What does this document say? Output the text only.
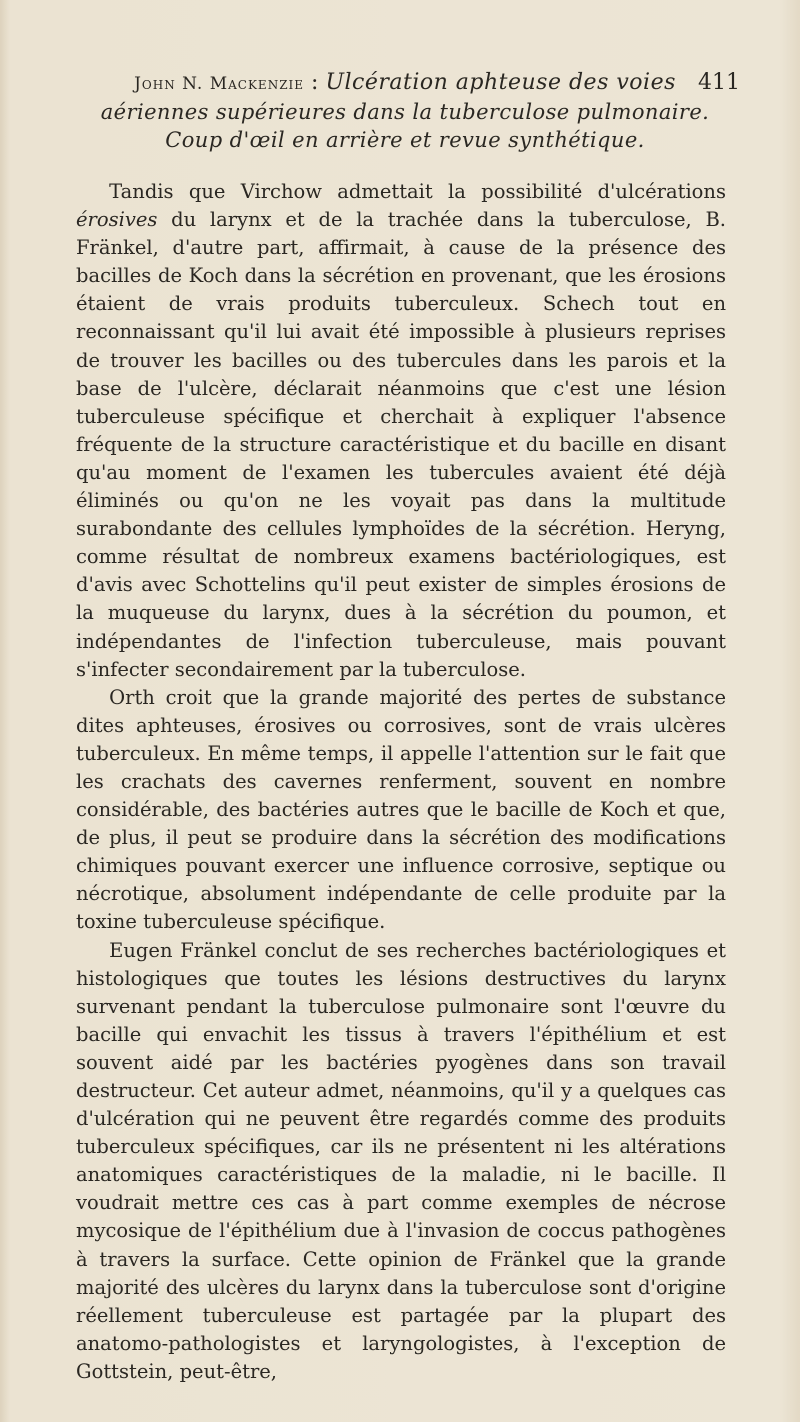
John N. Mackenzie : Ulcération aphteuse des voies 411
aériennes supérieures dans la tuberculose pulmonaire.
Coup d'œil en arrière et revue synthétique.

Tandis que Virchow admettait la possibilité d'ulcérations érosives du larynx et de la trachée dans la tuberculose, B. Fränkel, d'autre part, affirmait, à cause de la présence des bacilles de Koch dans la sécrétion en provenant, que les érosions étaient de vrais produits tuberculeux. Schech tout en reconnaissant qu'il lui avait été impossible à plusieurs reprises de trouver les bacilles ou des tubercules dans les parois et la base de l'ulcère, déclarait néanmoins que c'est une lésion tuberculeuse spécifique et cherchait à expliquer l'absence fréquente de la structure caractéristique et du bacille en disant qu'au moment de l'examen les tubercules avaient été déjà éliminés ou qu'on ne les voyait pas dans la multitude surabondante des cellules lymphoïdes de la sécrétion. Heryng, comme résultat de nombreux examens bactériologiques, est d'avis avec Schottelins qu'il peut exister de simples érosions de la muqueuse du larynx, dues à la sécrétion du poumon, et indépendantes de l'infection tuberculeuse, mais pouvant s'infecter secondairement par la tuberculose.

Orth croit que la grande majorité des pertes de substance dites aphteuses, érosives ou corrosives, sont de vrais ulcères tuberculeux. En même temps, il appelle l'attention sur le fait que les crachats des cavernes renferment, souvent en nombre considérable, des bactéries autres que le bacille de Koch et que, de plus, il peut se produire dans la sécrétion des modifications chimiques pouvant exercer une influence corrosive, septique ou nécrotique, absolument indépendante de celle produite par la toxine tuberculeuse spécifique.

Eugen Fränkel conclut de ses recherches bactériologiques et histologiques que toutes les lésions destructives du larynx survenant pendant la tuberculose pulmonaire sont l'œuvre du bacille qui envachit les tissus à travers l'épithélium et est souvent aidé par les bactéries pyogènes dans son travail destructeur. Cet auteur admet, néanmoins, qu'il y a quelques cas d'ulcération qui ne peuvent être regardés comme des produits tuberculeux spécifiques, car ils ne présentent ni les altérations anatomiques caractéristiques de la maladie, ni le bacille. Il voudrait mettre ces cas à part comme exemples de nécrose mycosique de l'épithélium due à l'invasion de coccus pathogènes à travers la surface. Cette opinion de Fränkel que la grande majorité des ulcères du larynx dans la tuberculose sont d'origine réellement tuberculeuse est partagée par la plupart des anatomo-pathologistes et laryngologistes, à l'exception de Gottstein, peut-être,
